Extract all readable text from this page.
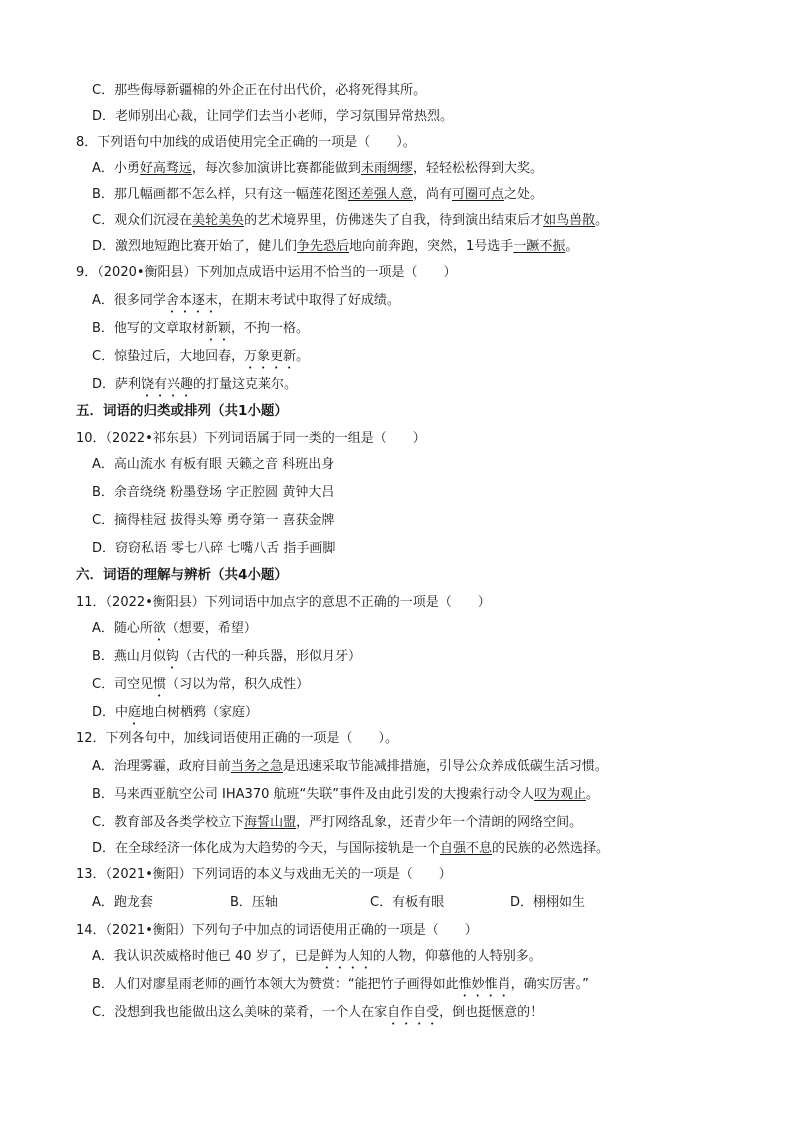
C．那些侮辱新疆棉的外企正在付出代价，必将死得其所。
D．老师别出心裁，让同学们去当小老师，学习氛围异常热烈。
8．下列语句中加线的成语使用完全正确的一项是（　　）。
A．小勇好高骛远，每次参加演讲比赛都能做到未雨绸缪，轻轻松松得到大奖。
B．那几幅画都不怎么样，只有这一幅莲花图还差强人意，尚有可圈可点之处。
C．观众们沉浸在美轮美奂的艺术境界里，仿佛迷失了自我，待到演出结束后才如鸟兽散。
D．激烈地短跑比赛开始了，健儿们争先恐后地向前奔跑，突然，1号选手一蹶不振。
9．（2020•衡阳县）下列加点成语中运用不恰当的一项是（　　）
A．很多同学舍本逐末，在期末考试中取得了好成绩。
B．他写的文章取材新颖，不拘一格。
C．惊蛰过后，大地回春，万象更新。
D．萨利饶有兴趣的打量这克莱尔。
五．词语的归类或排列（共1小题）
10．（2022•祁东县）下列词语属于同一类的一组是（　　）
A．高山流水 有板有眼 天籁之音 科班出身
B．余音绕绕 粉墨登场 字正腔圆 黄钟大吕
C．摘得桂冠 拔得头筹 勇夺第一 喜获金牌
D．窃窃私语 零七八碎 七嘴八舌 指手画脚
六．词语的理解与辨析（共4小题）
11．（2022•衡阳县）下列词语中加点字的意思不正确的一项是（　　）
A．随心所欲（想要，希望）
B．燕山月似钩（古代的一种兵器，形似月牙）
C．司空见惯（习以为常，积久成性）
D．中庭地白树栖鸦（家庭）
12．下列各句中，加线词语使用正确的一项是（　　）。
A．治理雾霾，政府目前当务之急是迅速采取节能减排措施，引导公众养成低碳生活习惯。
B．马来西亚航空公司 IHA370 航班“失联”事件及由此引发的大搜索行动令人叹为观止。
C．教育部及各类学校立下海誓山盟，严打网络乱象，还青少年一个清朗的网络空间。
D．在全球经济一体化成为大趋势的今天，与国际接轨是一个自强不息的民族的必然选择。
13．（2021•衡阳）下列词语的本义与戏曲无关的一项是（　　）
A．跑龙套	B．压轴	C．有板有眼	D．栩栩如生
14．（2021•衡阳）下列句子中加点的词语使用正确的一项是（　　）
A．我认识茨威格时他已 40 岁了，已是鲜为人知的人物，仰慕他的人特别多。
B．人们对廖星雨老师的画竹本领大为赞赏：“能把竹子画得如此惟妙惟肖，确实厉害。”
C．没想到我也能做出这么美味的菜肴，一个人在家自作自受，倒也挺惬意的！
